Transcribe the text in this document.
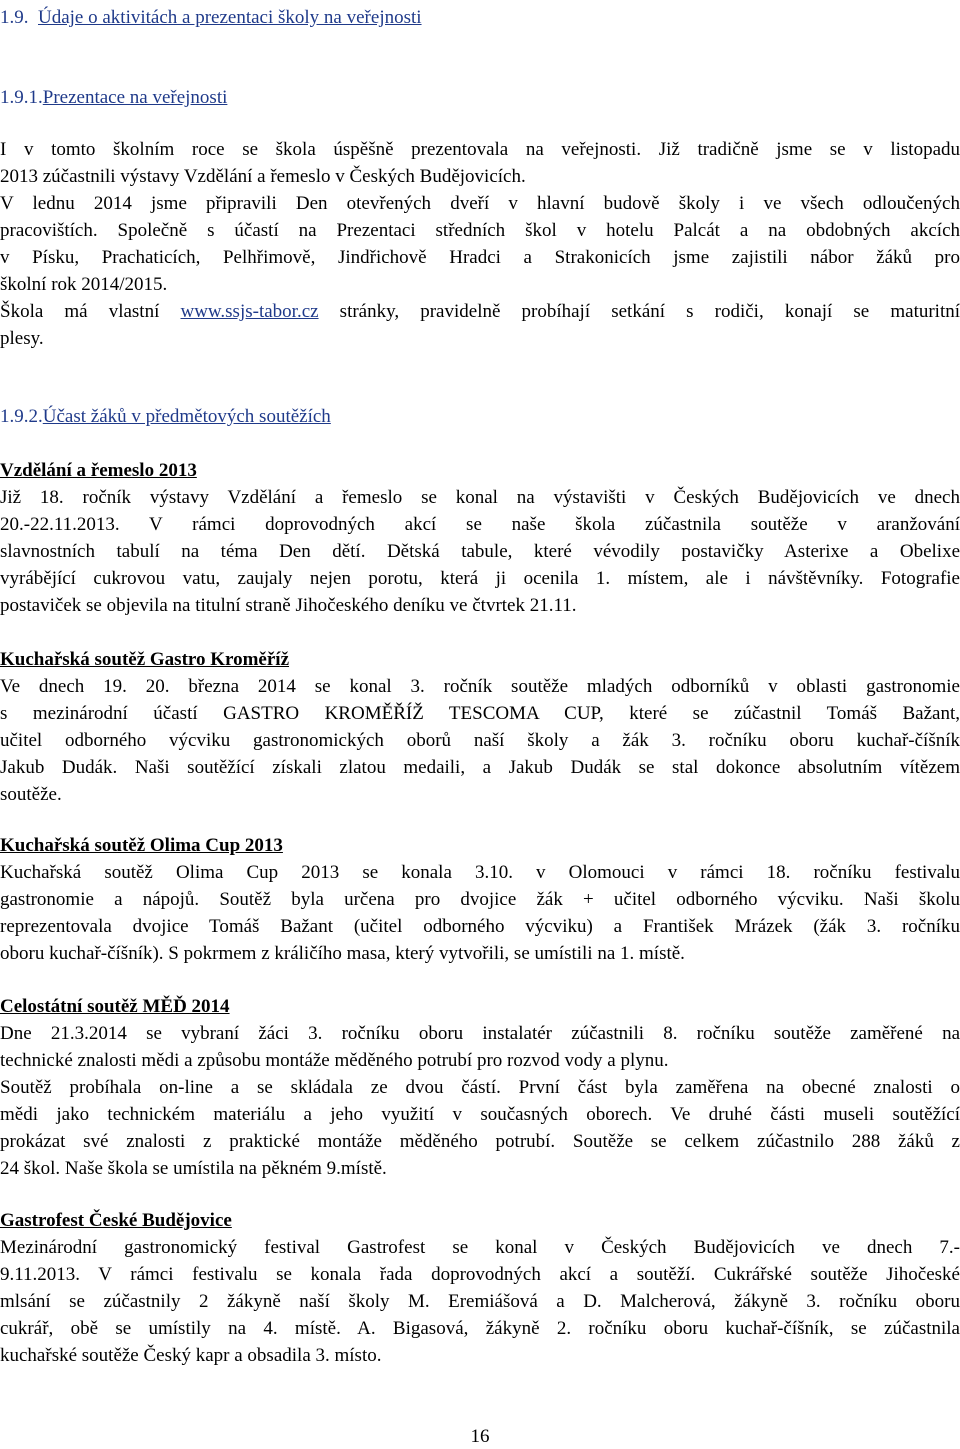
1.9. Údaje o aktivitách a prezentaci školy na veřejnosti
1.9.1.Prezentace na veřejnosti
I v tomto školním roce se škola úspěšně prezentovala na veřejnosti. Již tradičně jsme se v listopadu
2013 zúčastnili výstavy Vzdělání a řemeslo v Českých Budějovicích.
V lednu 2014 jsme připravili Den otevřených dveří v hlavní budově školy i ve všech odloučených
pracovištích. Společně s účastí na Prezentaci středních škol v hotelu Palcát a na obdobných akcích
v Písku, Prachaticích, Pelhřimově, Jindřichově Hradci a Strakonicích jsme zajistili nábor žáků pro
školní rok 2014/2015.
Škola má vlastní www.ssjs-tabor.cz stránky, pravidelně probíhají setkání s rodiči, konají se maturitní
plesy.
1.9.2.Účast žáků v předmětových soutěžích
Vzdělání a řemeslo 2013
Již 18. ročník výstavy Vzdělání a řemeslo se konal na výstavišti v Českých Budějovicích ve dnech
20.-22.11.2013. V rámci doprovodných akcí se naše škola zúčastnila soutěže v aranžování
slavnostních tabulí na téma Den dětí. Dětská tabule, které vévodily postavičky Asterixe a Obelixe
vyrábějící cukrovou vatu, zaujaly nejen porotu, která ji ocenila 1. místem, ale i návštěvníky. Fotografie
postaviček se objevila na titulní straně Jihočeského deníku ve čtvrtek 21.11.
Kuchařská soutěž Gastro Kroměříž
Ve dnech 19. 20. března 2014 se konal 3. ročník soutěže mladých odborníků v oblasti gastronomie
s mezinárodní účastí GASTRO KROMĚŘÍŽ TESCOMA CUP, které se zúčastnil Tomáš Bažant,
učitel odborného výcviku gastronomických oborů naší školy a žák 3. ročníku oboru kuchař-číšník
Jakub Dudák. Naši soutěžící získali zlatou medaili, a Jakub Dudák se stal dokonce absolutním vítězem
soutěže.
Kuchařská soutěž Olima Cup 2013
Kuchařská soutěž Olima Cup 2013 se konala 3.10. v Olomouci v rámci 18. ročníku festivalu
gastronomie a nápojů. Soutěž byla určena pro dvojice žák + učitel odborného výcviku. Naši školu
reprezentovala dvojice Tomáš Bažant (učitel odborného výcviku) a František Mrázek (žák 3. ročníku
oboru kuchař-číšník). S pokrmem z králičího masa, který vytvořili, se umístili na 1. místě.
Celostátní soutěž MĚĎ 2014
Dne 21.3.2014 se vybraní žáci 3. ročníku oboru instalatér zúčastnili 8. ročníku soutěže zaměřené na
technické znalosti mědi a způsobu montáže měděného potrubí pro rozvod vody a plynu.
Soutěž probíhala on-line a se skládala ze dvou částí. První část byla zaměřena na obecné znalosti o
mědi jako technickém materiálu a jeho využití v současných oborech. Ve druhé části museli soutěžící
prokázat své znalosti z praktické montáže měděného potrubí. Soutěže se celkem zúčastnilo 288 žáků z
24 škol. Naše škola se umístila na pěkném 9.místě.
Gastrofest České Budějovice
Mezinárodní gastronomický festival Gastrofest se konal v Českých Budějovicích ve dnech 7.-
9.11.2013. V rámci festivalu se konala řada doprovodných akcí a soutěží. Cukrářské soutěže Jihočeské
mlsání se zúčastnily 2 žákyně naší školy M. Eremiášová a D. Malcherová, žákyně 3. ročníku oboru
cukrář, obě se umístily na 4. místě. A. Bigasová, žákyně 2. ročníku oboru kuchař-číšník, se zúčastnila
kuchařské soutěže Český kapr a obsadila 3. místo.
16
